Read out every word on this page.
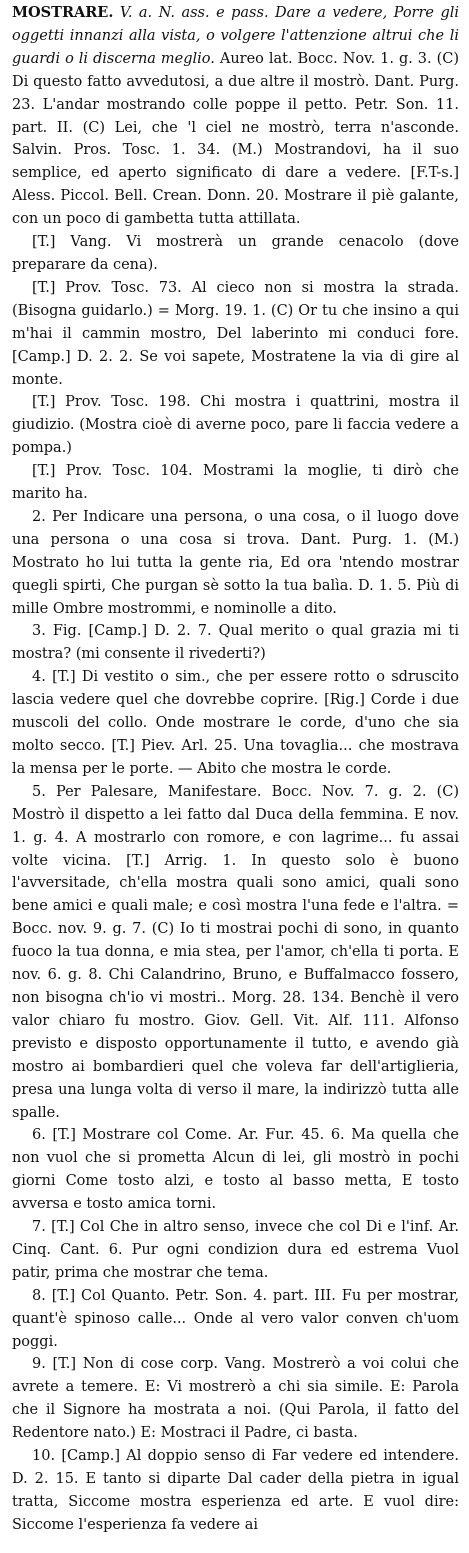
MOSTRARE. V. a. N. ass. e pass. Dare a vedere, Porre gli oggetti innanzi alla vista, o volgere l'attenzione altrui che li guardi o li discerna meglio. Aureo lat. Bocc. Nov. 1. g. 3. (C) Di questo fatto avvedutosi, a due altre il mostrò. Dant. Purg. 23. L'andar mostrando colle poppe il petto. Petr. Son. 11. part. II. (C) Lei, che 'l ciel ne mostrò, terra n'asconde. Salvin. Pros. Tosc. 1. 34. (M.) Mostrandovi, ha il suo semplice, ed aperto significato di dare a vedere. [F.T-s.] Aless. Piccol. Bell. Crean. Donn. 20. Mostrare il piè galante, con un poco di gambetta tutta attillata.

[T.] Vang. Vi mostrerà un grande cenacolo (dove preparare da cena).

[T.] Prov. Tosc. 73. Al cieco non si mostra la strada. (Bisogna guidarlo.) = Morg. 19. 1. (C) Or tu che insino a qui m'hai il cammin mostro, Del laberinto mi conduci fore. [Camp.] D. 2. 2. Se voi sapete, Mostratene la via di gire al monte.

[T.] Prov. Tosc. 198. Chi mostra i quattrini, mostra il giudizio. (Mostra cioè di averne poco, pare li faccia vedere a pompa.)

[T.] Prov. Tosc. 104. Mostrami la moglie, ti dirò che marito ha.

2. Per Indicare una persona, o una cosa, o il luogo dove una persona o una cosa si trova. Dant. Purg. 1. (M.) Mostrato ho lui tutta la gente ria, Ed ora 'ntendo mostrar quegli spirti, Che purgan sè sotto la tua balìa. D. 1. 5. Più di mille Ombre mostrommi, e nominolle a dito.

3. Fig. [Camp.] D. 2. 7. Qual merito o qual grazia mi ti mostra? (mi consente il rivederti?)

4. [T.] Di vestito o sim., che per essere rotto o sdruscito lascia vedere quel che dovrebbe coprire. [Rig.] Corde i due muscoli del collo. Onde mostrare le corde, d'uno che sia molto secco. [T.] Piev. Arl. 25. Una tovaglia... che mostrava la mensa per le porte. — Abito che mostra le corde.

5. Per Palesare, Manifestare. Bocc. Nov. 7. g. 2. (C) Mostrò il dispetto a lei fatto dal Duca della femmina. E nov. 1. g. 4. A mostrarlo con romore, e con lagrime... fu assai volte vicina. [T.] Arrig. 1. In questo solo è buono l'avversitade, ch'ella mostra quali sono amici, quali sono bene amici e quali male; e così mostra l'una fede e l'altra. = Bocc. nov. 9. g. 7. (C) Io ti mostrai pochi di sono, in quanto fuoco la tua donna, e mia stea, per l'amor, ch'ella ti porta. E nov. 6. g. 8. Chi Calandrino, Bruno, e Buffalmacco fossero, non bisogna ch'io vi mostri.. Morg. 28. 134. Benchè il vero valor chiaro fu mostro. Giov. Gell. Vit. Alf. 111. Alfonso previsto e disposto opportunamente il tutto, e avendo già mostro ai bombardieri quel che voleva far dell'artiglieria, presa una lunga volta di verso il mare, la indirizzò tutta alle spalle.

6. [T.] Mostrare col Come. Ar. Fur. 45. 6. Ma quella che non vuol che si prometta Alcun di lei, gli mostrò in pochi giorni Come tosto alzi, e tosto al basso metta, E tosto avversa e tosto amica torni.

7. [T.] Col Che in altro senso, invece che col Di e l'inf. Ar. Cinq. Cant. 6. Pur ogni condizion dura ed estrema Vuol patir, prima che mostrar che tema.

8. [T.] Col Quanto. Petr. Son. 4. part. III. Fu per mostrar, quant'è spinoso calle... Onde al vero valor conven ch'uom poggi.

9. [T.] Non di cose corp. Vang. Mostrerò a voi colui che avrete a temere. E: Vi mostrerò a chi sia simile. E: Parola che il Signore ha mostrata a noi. (Qui Parola, il fatto del Redentore nato.) E: Mostraci il Padre, ci basta.

10. [Camp.] Al doppio senso di Far vedere ed intendere. D. 2. 15. E tanto si diparte Dal cader della pietra in igual tratta, Siccome mostra esperienza ed arte. E vuol dire: Siccome l'esperienza fa vedere ai
